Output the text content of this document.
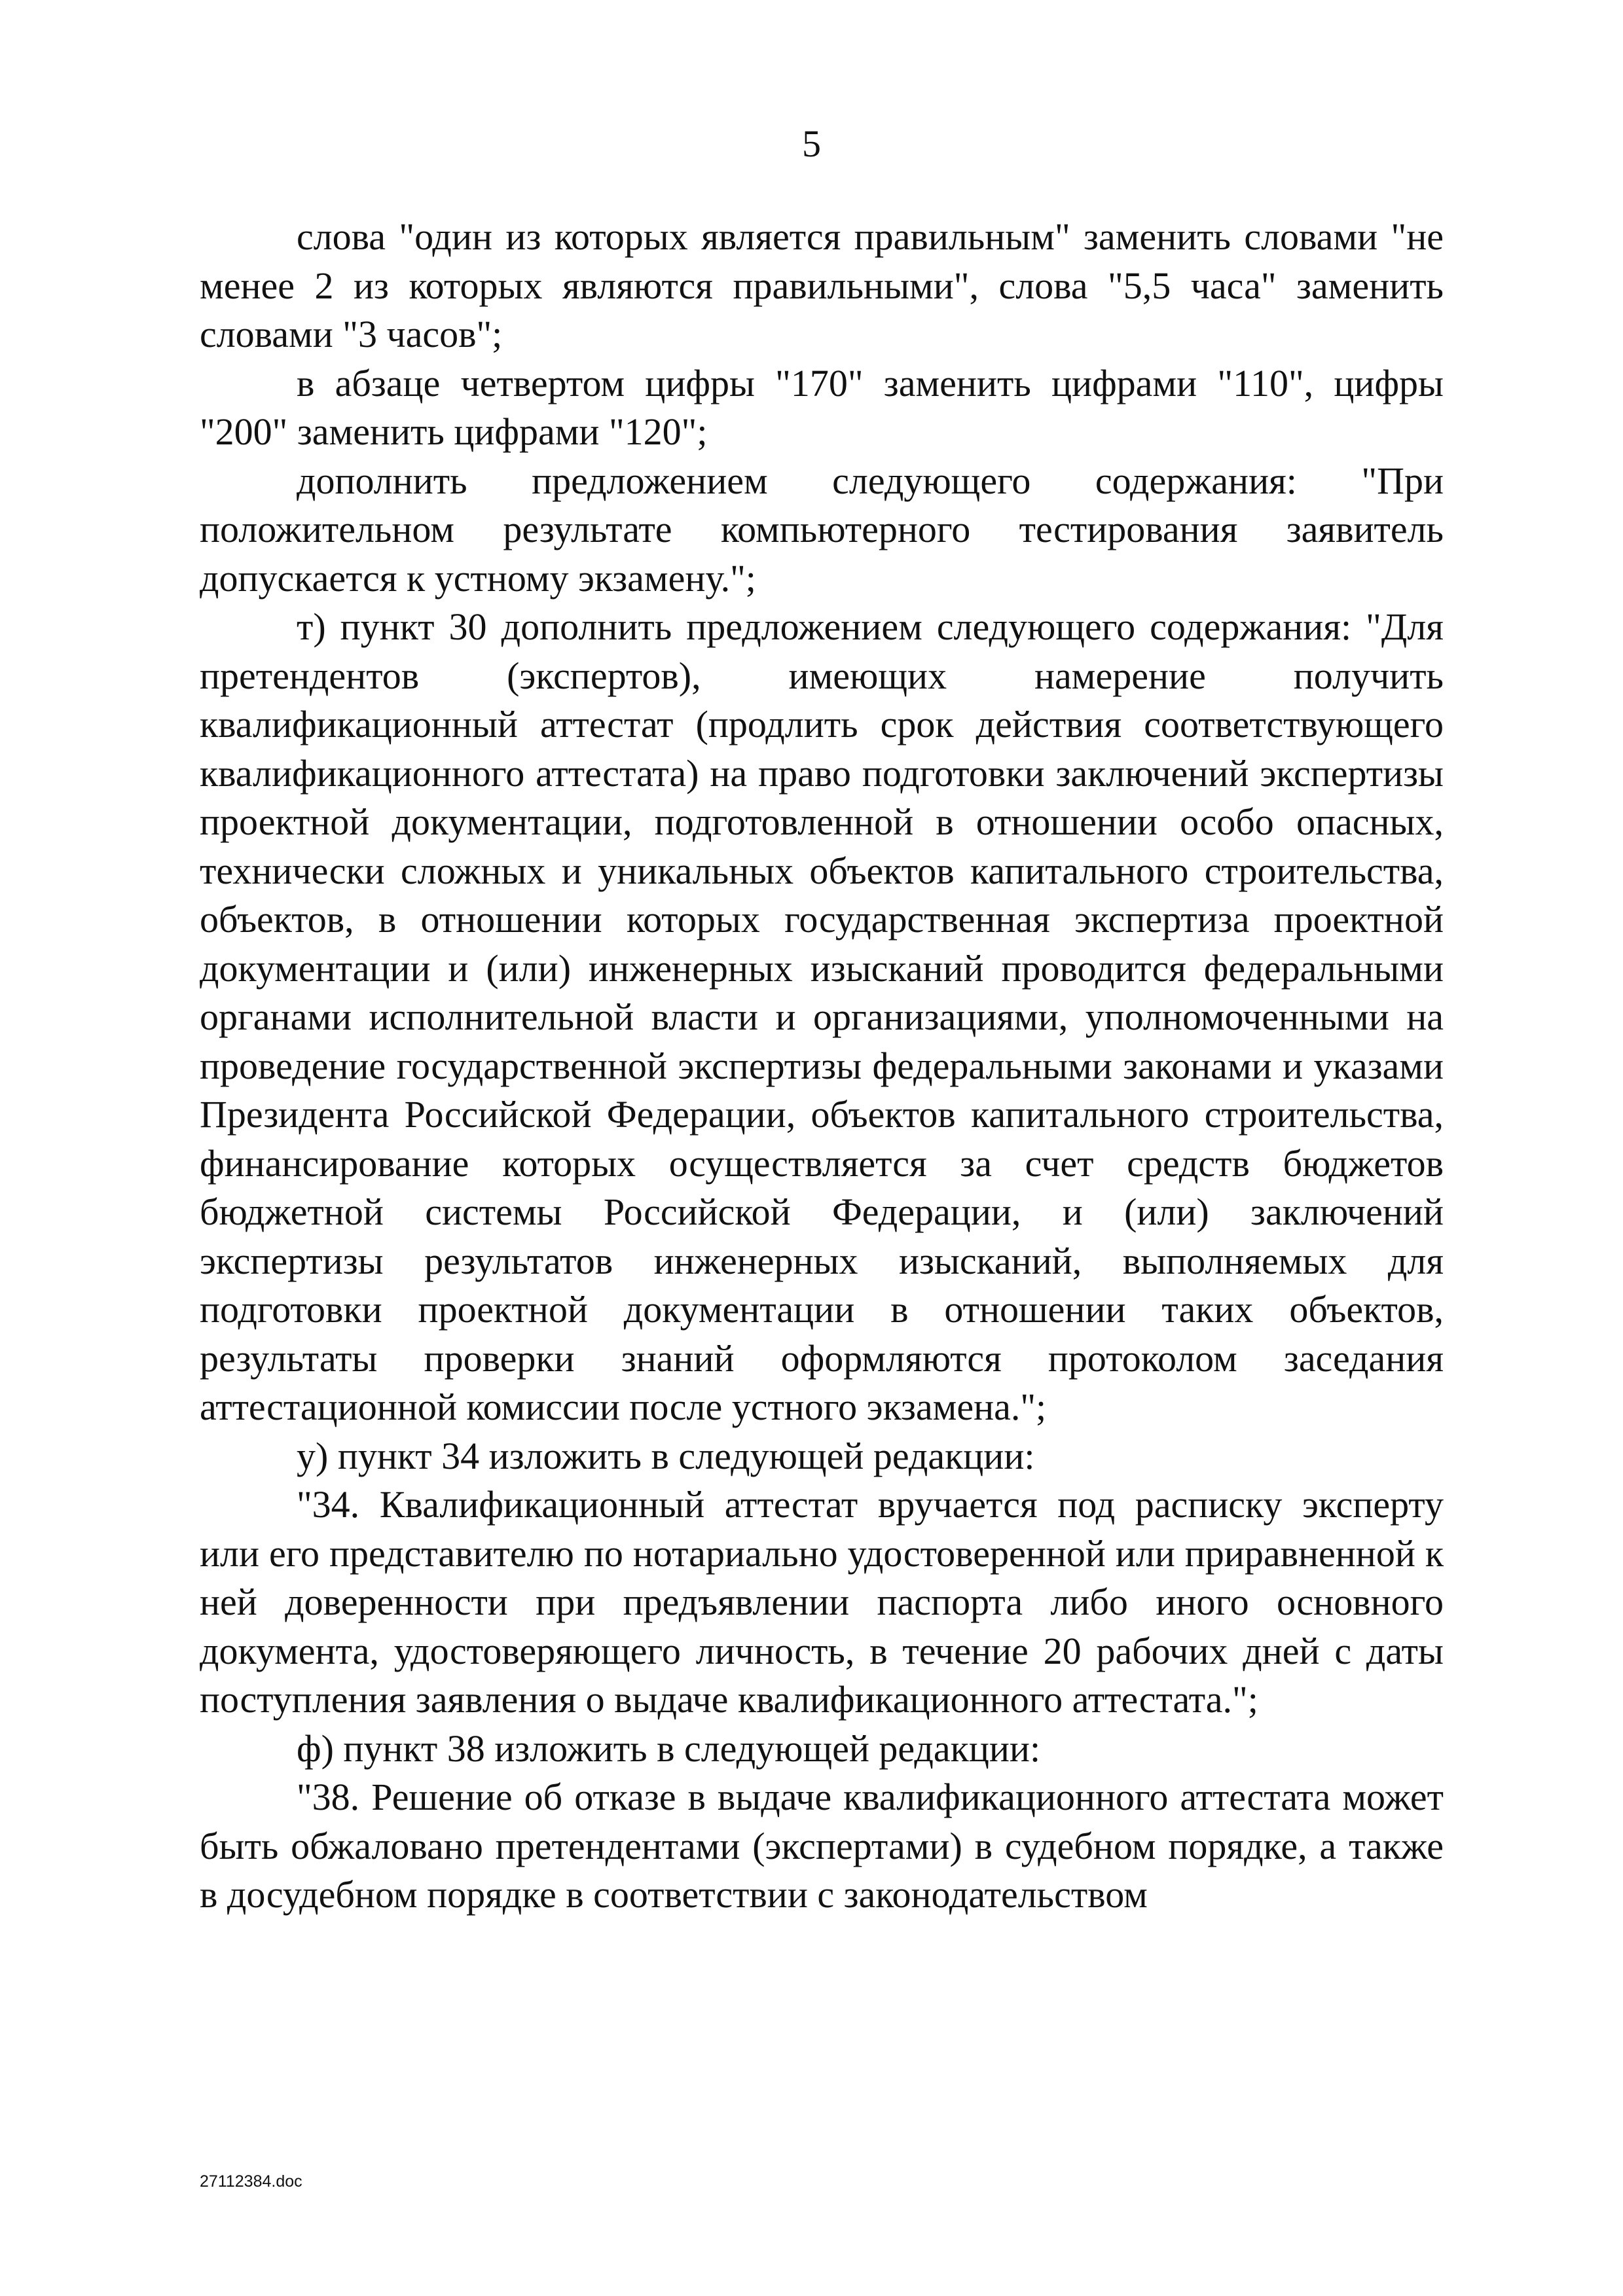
5

слова "один из которых является правильным" заменить словами "не менее 2 из которых являются правильными", слова "5,5 часа" заменить словами "3 часов";

в абзаце четвертом цифры "170" заменить цифрами "110", цифры "200" заменить цифрами "120";

дополнить предложением следующего содержания: "При положительном результате компьютерного тестирования заявитель допускается к устному экзамену.";

т) пункт 30 дополнить предложением следующего содержания: "Для претендентов (экспертов), имеющих намерение получить квалификационный аттестат (продлить срок действия соответствующего квалификационного аттестата) на право подготовки заключений экспертизы проектной документации, подготовленной в отношении особо опасных, технически сложных и уникальных объектов капитального строительства, объектов, в отношении которых государственная экспертиза проектной документации и (или) инженерных изысканий проводится федеральными органами исполнительной власти и организациями, уполномоченными на проведение государственной экспертизы федеральными законами и указами Президента Российской Федерации, объектов капитального строительства, финансирование которых осуществляется за счет средств бюджетов бюджетной системы Российской Федерации, и (или) заключений экспертизы результатов инженерных изысканий, выполняемых для подготовки проектной документации в отношении таких объектов, результаты проверки знаний оформляются протоколом заседания аттестационной комиссии после устного экзамена.";

у) пункт 34 изложить в следующей редакции:

"34. Квалификационный аттестат вручается под расписку эксперту или его представителю по нотариально удостоверенной или приравненной к ней доверенности при предъявлении паспорта либо иного основного документа, удостоверяющего личность, в течение 20 рабочих дней с даты поступления заявления о выдаче квалификационного аттестата.";

ф) пункт 38 изложить в следующей редакции:

"38. Решение об отказе в выдаче квалификационного аттестата может быть обжаловано претендентами (экспертами) в судебном порядке, а также в досудебном порядке в соответствии с законодательством

27112384.doc
